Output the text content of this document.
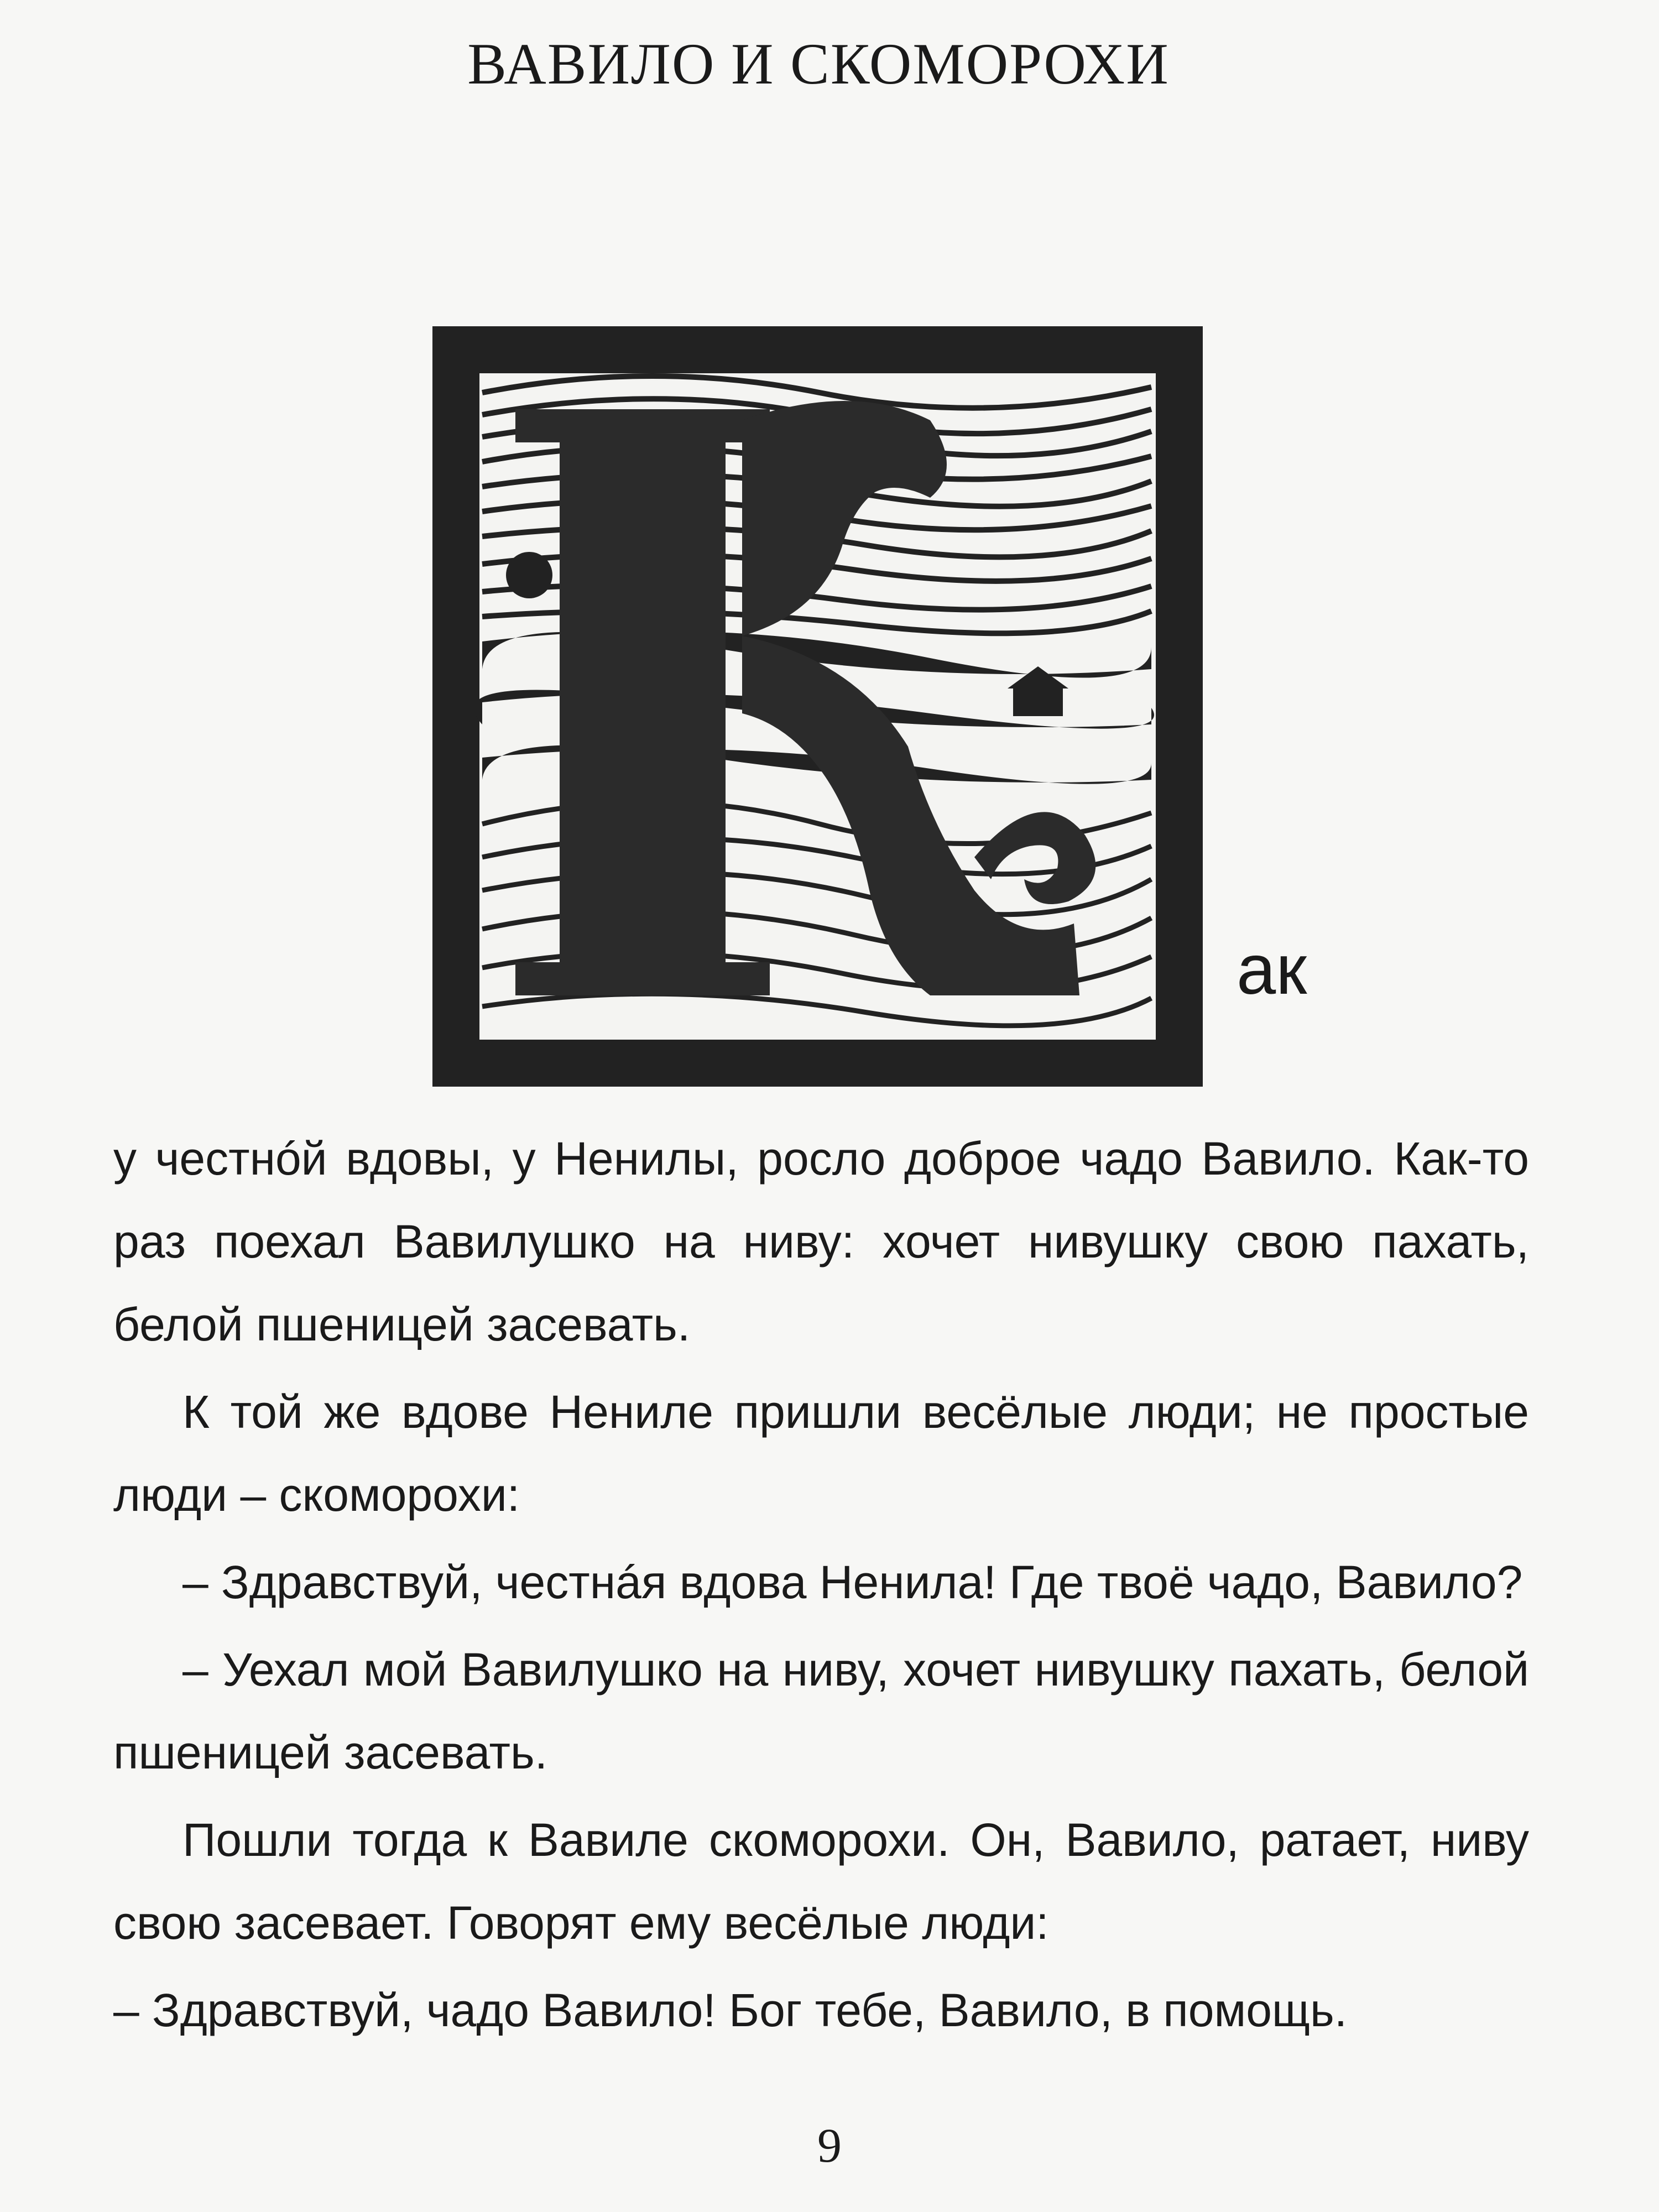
ВАВИЛО И СКОМОРОХИ
ак

у честнóй вдовы, у Ненилы, росло доброе чадо Вавило. Как-то раз поехал Вавилушко на ниву: хочет нивушку свою пахать, белой пшеницей засевать.

К той же вдове Нениле пришли весёлые люди; не простые люди – скоморохи:

– Здравствуй, честнáя вдова Ненила! Где твоё чадо, Вавило?

– Уехал мой Вавилушко на ниву, хочет нивушку пахать, белой пшеницей засевать.

Пошли тогда к Вавиле скоморохи. Он, Вавило, ратает, ниву свою засевает. Говорят ему весёлые люди:

– Здравствуй, чадо Вавило! Бог тебе, Вавило, в помощь.

9
